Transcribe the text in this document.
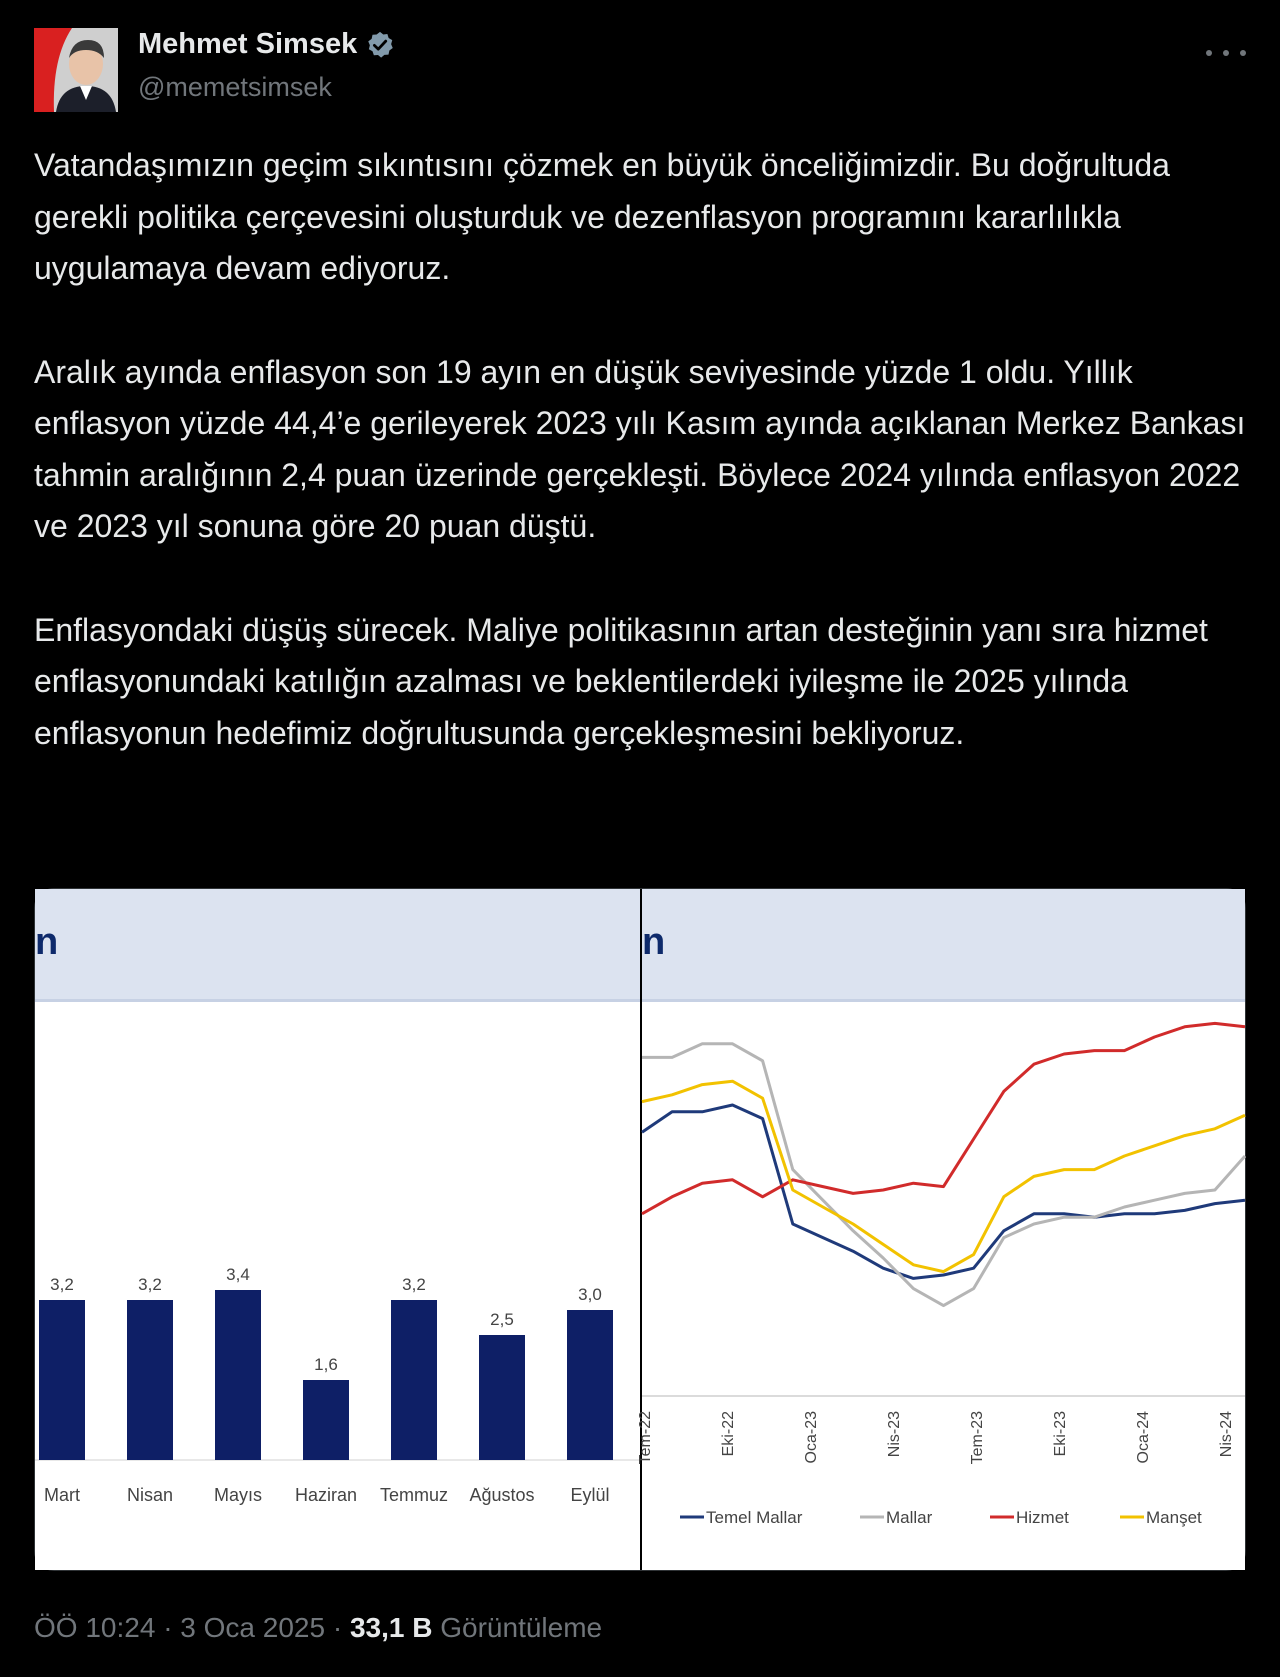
Mehmet Simsek
@memetsimsek

Vatandaşımızın geçim sıkıntısını çözmek en büyük önceliğimizdir. Bu doğrultuda gerekli politika çerçevesini oluşturduk ve dezenflasyon programını kararlılıkla uygulamaya devam ediyoruz.

Aralık ayında enflasyon son 19 ayın en düşük seviyesinde yüzde 1 oldu. Yıllık enflasyon yüzde 44,4’e gerileyerek 2023 yılı Kasım ayında açıklanan Merkez Bankası tahmin aralığının 2,4 puan üzerinde gerçekleşti. Böylece 2024 yılında enflasyon 2022 ve 2023 yıl sonuna göre 20 puan düştü.

Enflasyondaki düşüş sürecek. Maliye politikasının artan desteğinin yanı sıra hizmet enflasyonundaki katılığın azalması ve beklentilerdeki iyileşme ile 2025 yılında enflasyonun hedefimiz doğrultusunda gerçekleşmesini bekliyoruz.

n
3,2
Mart
3,2
Nisan
3,4
Mayıs
1,6
Haziran
3,2
Temmuz
2,5
Ağustos
3,0
Eylül
n
Tem-22	Eki-22	Oca-23	Nis-23	Tem-23	Eki-23	Oca-24	Nis-24
Temel Mallar	Mallar	Hizmet	Manşet
ÖÖ 10:24 · 3 Oca 2025 · 33,1 B Görüntüleme
